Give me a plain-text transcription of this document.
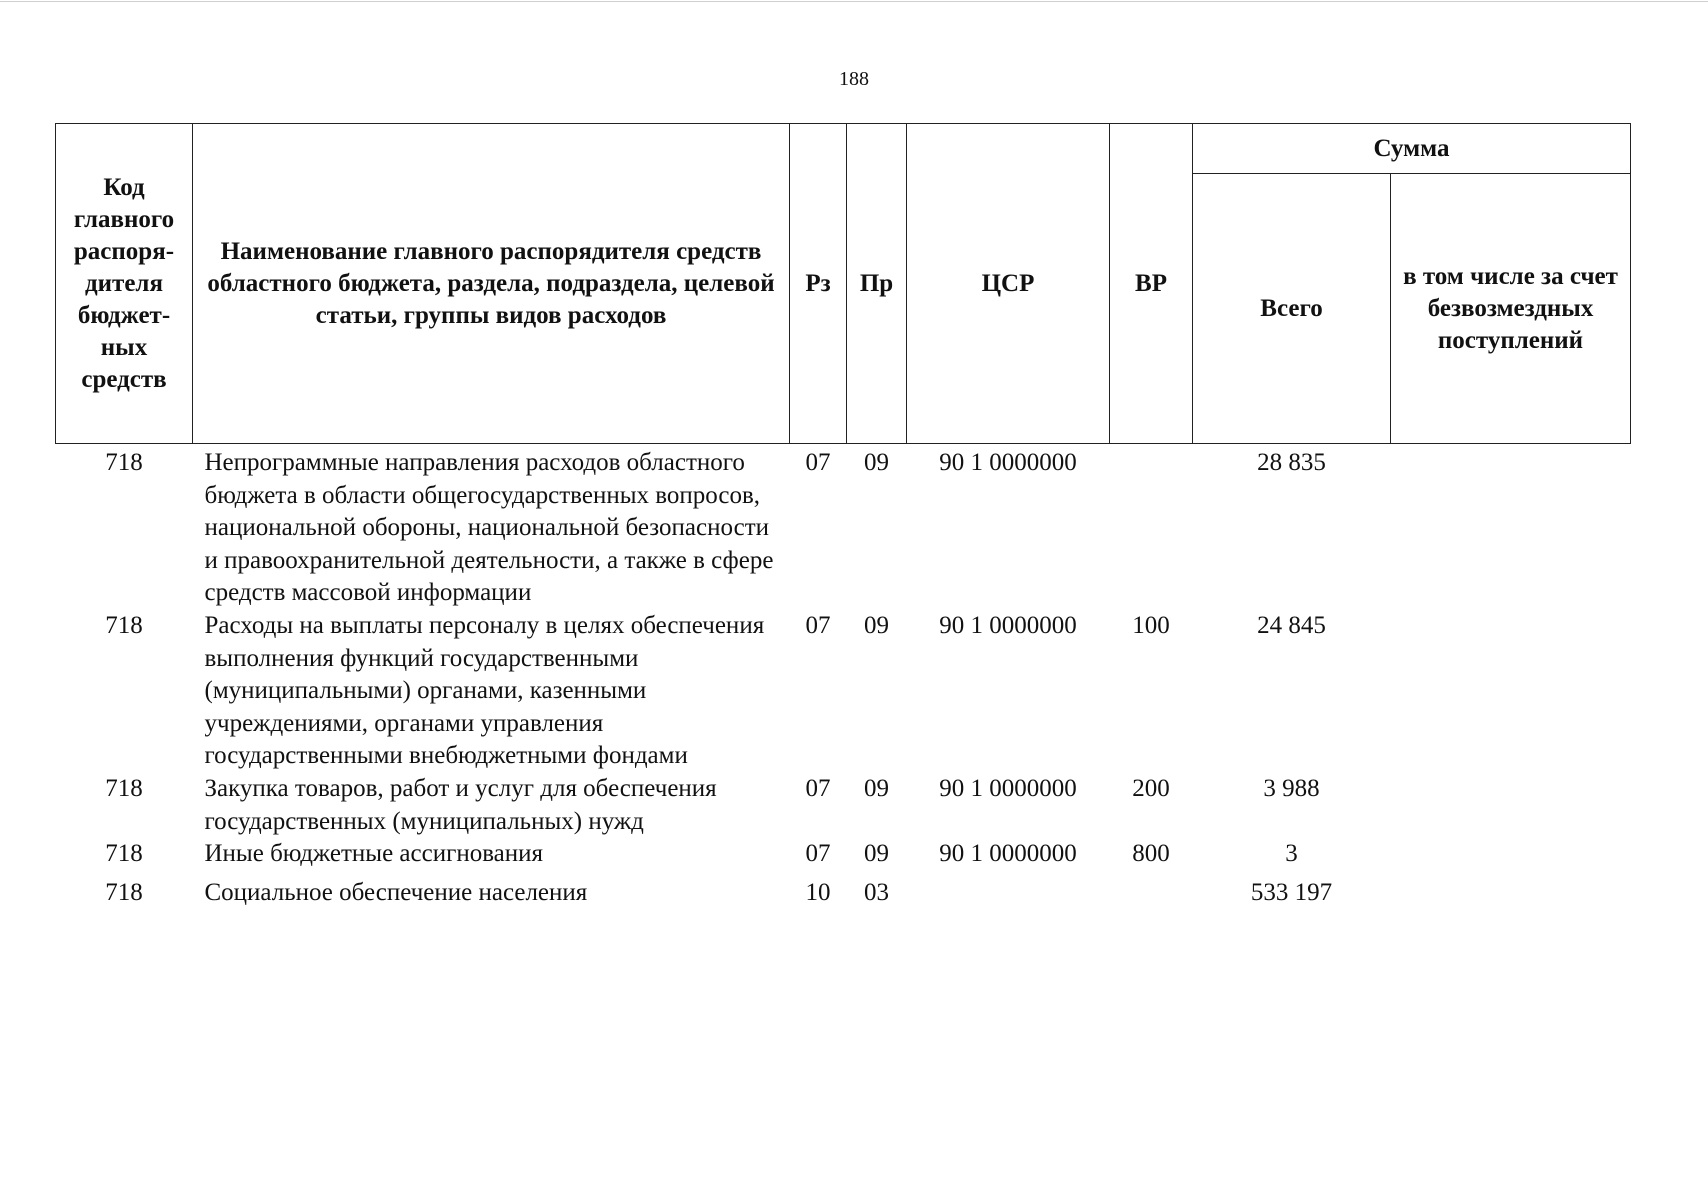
188
Код главного распоря-дителя бюджет-ных средств	Наименование главного распорядителя средств областного бюджета, раздела, подраздела, целевой статьи, группы видов расходов	Рз	Пр	ЦСР	ВР	Сумма	
						Всего	в том числе за счет безвозмездных поступлений
718	Непрограммные направления расходов областного бюджета в области общегосударственных вопросов, национальной обороны, национальной безопасности и правоохранительной деятельности, а также в сфере средств массовой информации	07	09	90 1 0000000		28 835	
718	Расходы на выплаты персоналу в целях обеспечения выполнения функций государственными (муниципальными) органами, казенными учреждениями, органами управления государственными внебюджетными фондами	07	09	90 1 0000000	100	24 845	
718	Закупка товаров, работ и услуг для обеспечения государственных (муниципальных) нужд	07	09	90 1 0000000	200	3 988	
718	Иные бюджетные ассигнования	07	09	90 1 0000000	800	3	
718	Социальное обеспечение населения	10	03			533 197	
